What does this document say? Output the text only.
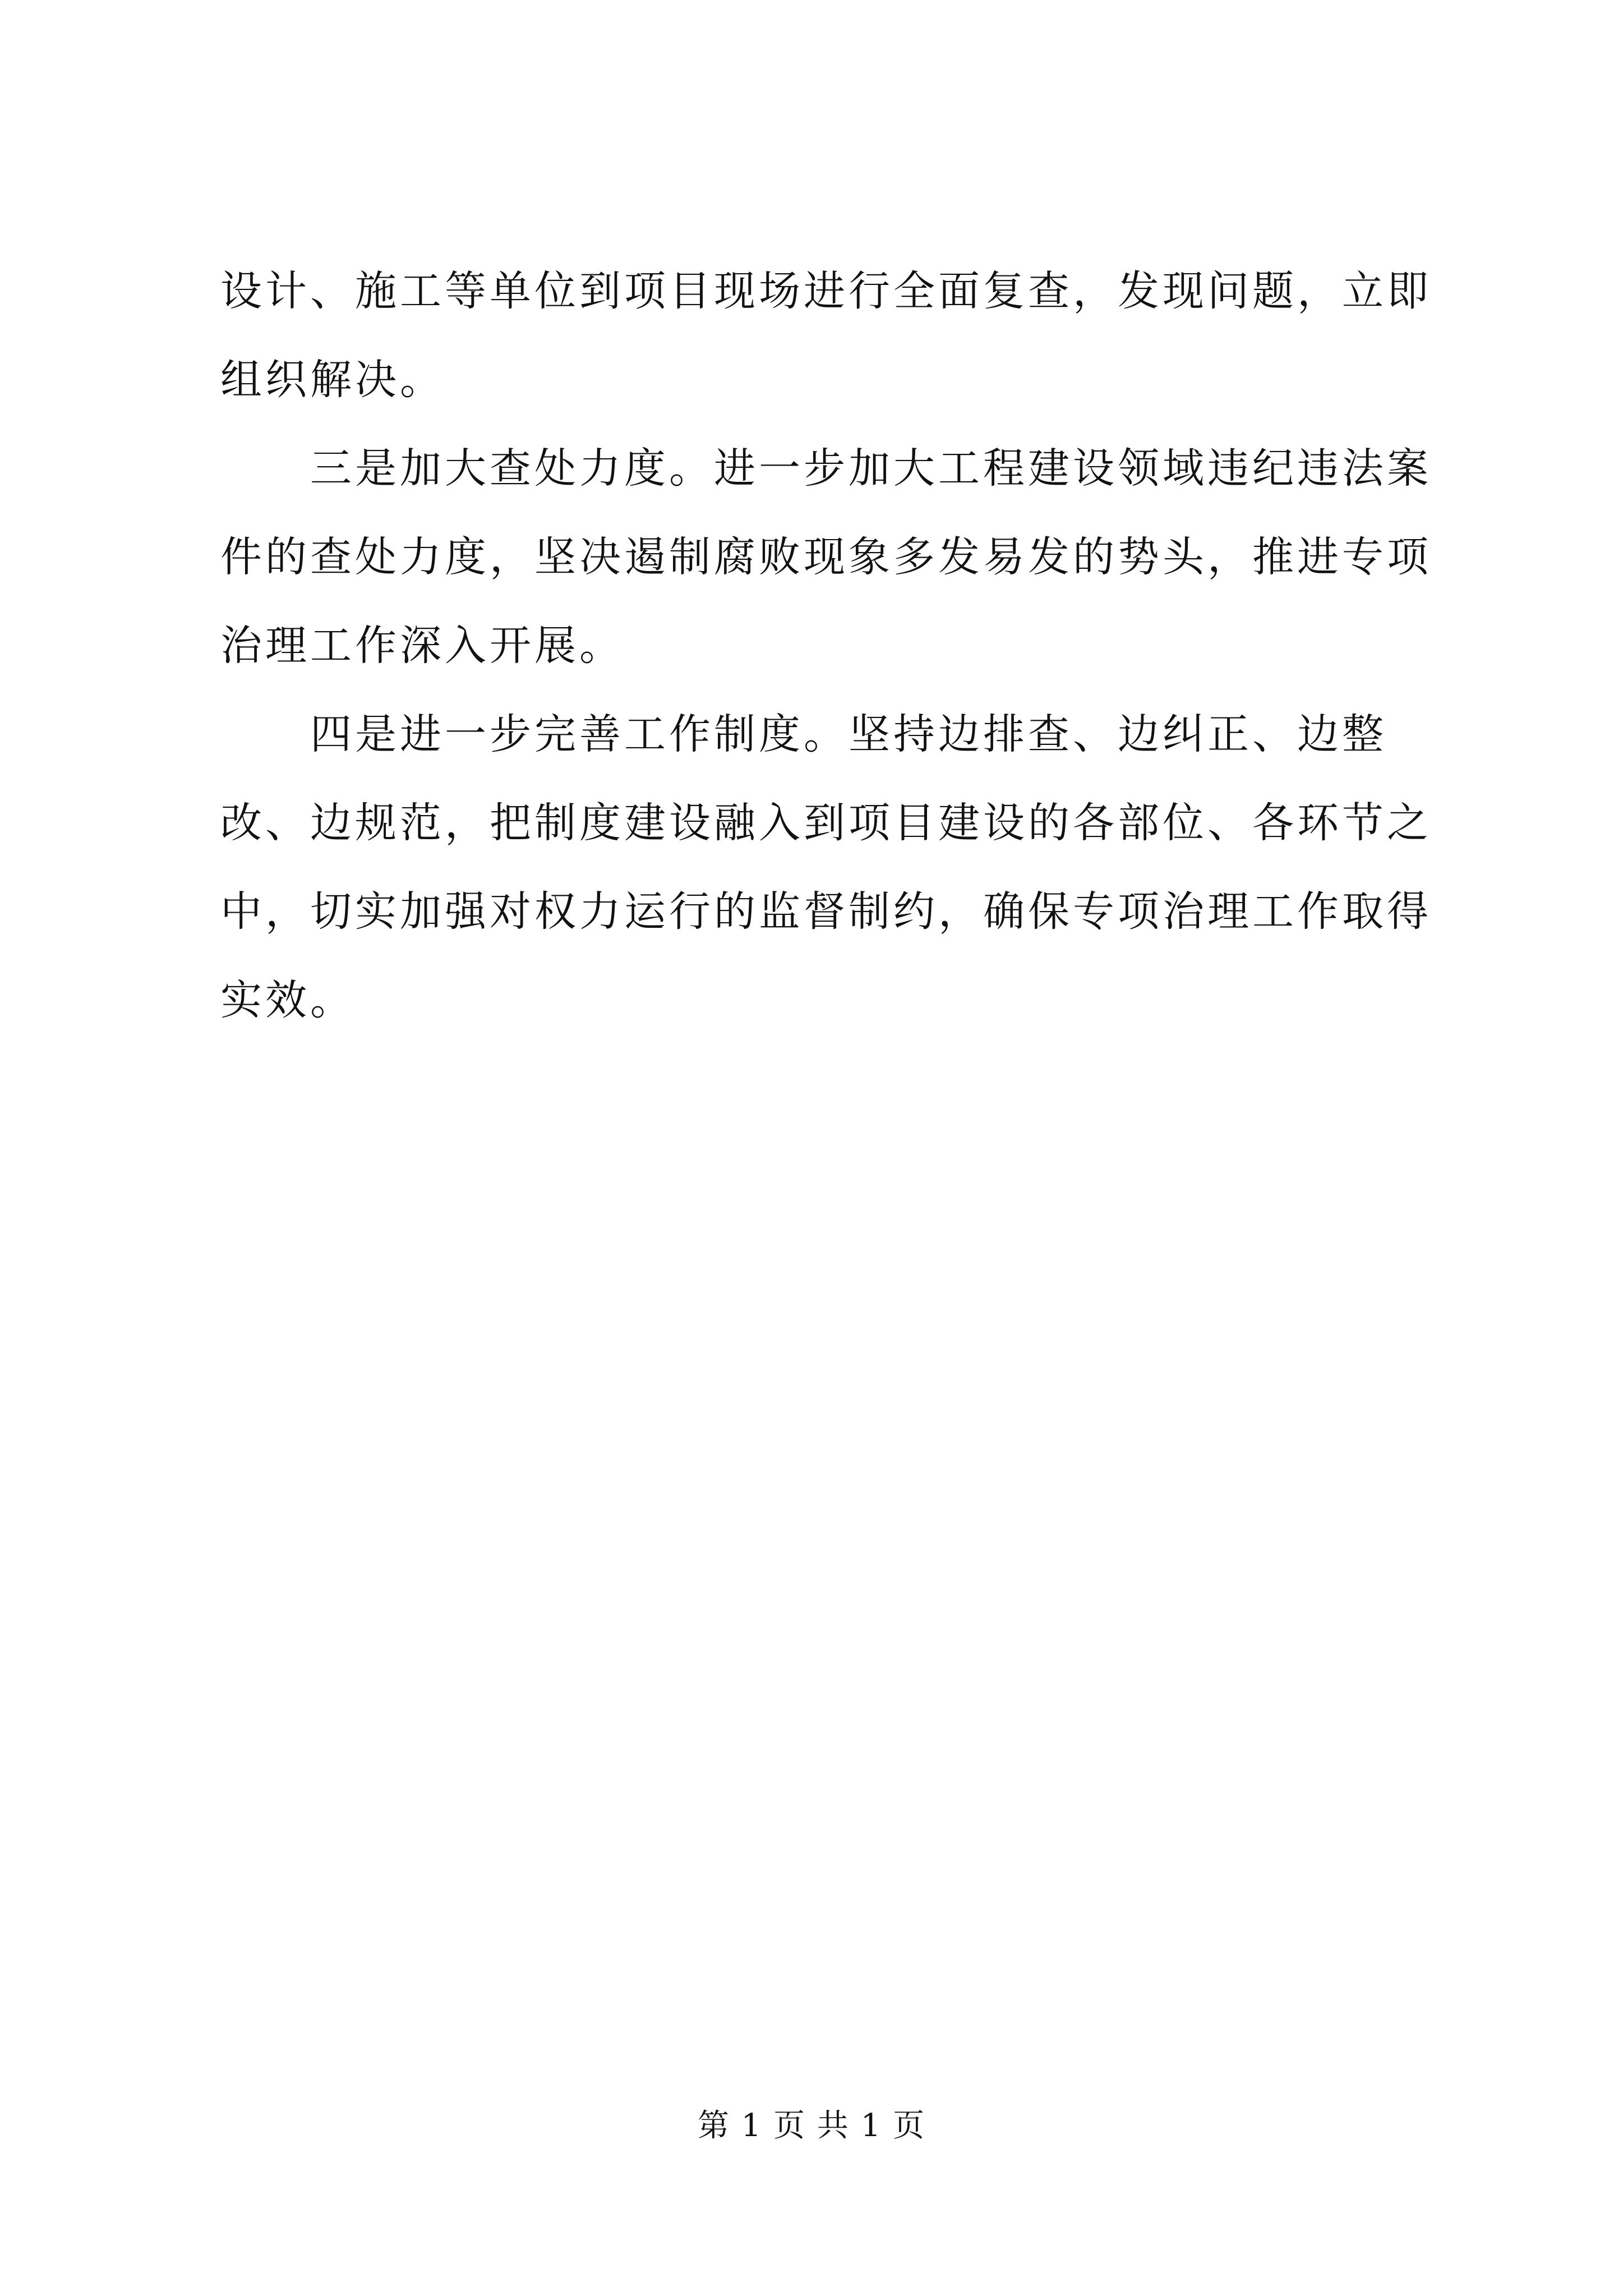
设计、施工等单位到项目现场进行全面复查，发现问题，立即组织解决。

三是加大查处力度。进一步加大工程建设领域违纪违法案件的查处力度，坚决遏制腐败现象多发易发的势头，推进专项治理工作深入开展。

四是进一步完善工作制度。坚持边排查、边纠正、边整改、边规范，把制度建设融入到项目建设的各部位、各环节之中，切实加强对权力运行的监督制约，确保专项治理工作取得实效。

第 1 页 共 1 页
